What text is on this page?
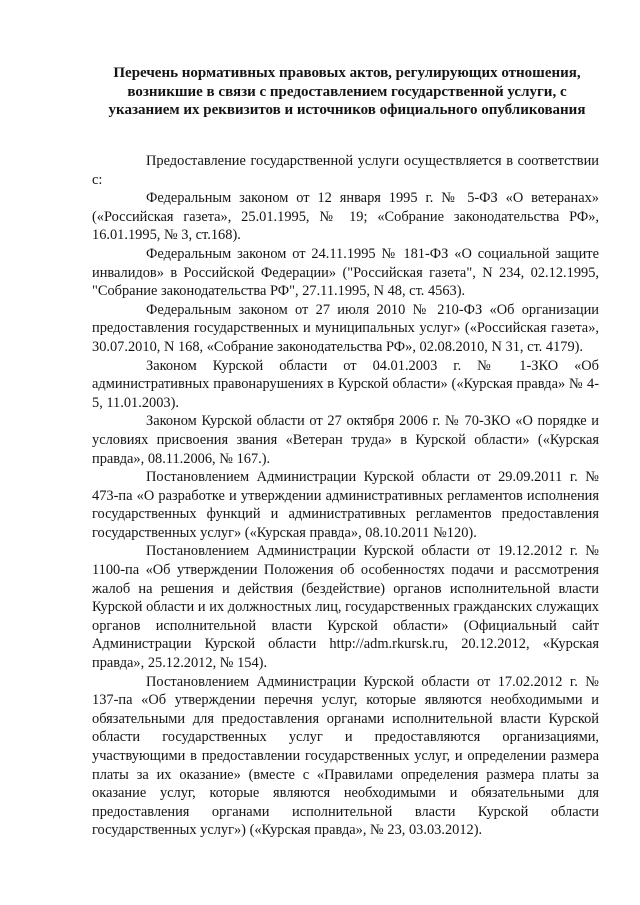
Перечень нормативных правовых актов, регулирующих отношения, возникшие в связи с предоставлением государственной услуги, с указанием их реквизитов и источников официального опубликования

Предоставление государственной услуги осуществляется в соответствии с:

Федеральным законом от 12 января 1995 г. № 5-ФЗ «О ветеранах» («Российская газета», 25.01.1995, № 19; «Собрание законодательства РФ», 16.01.1995, № 3, ст.168).

Федеральным законом от 24.11.1995 № 181-ФЗ «О социальной защите инвалидов» в Российской Федерации» ("Российская газета", N 234, 02.12.1995, "Собрание законодательства РФ", 27.11.1995, N 48, ст. 4563).

Федеральным законом от 27 июля 2010 № 210-ФЗ «Об организации предоставления государственных и муниципальных услуг» («Российская газета», 30.07.2010, N 168, «Собрание законодательства РФ», 02.08.2010, N 31, ст. 4179).

Законом Курской области от 04.01.2003 г. № 1-ЗКО «Об административных правонарушениях в Курской области» («Курская правда» № 4-5, 11.01.2003).

Законом Курской области от 27 октября 2006 г. № 70-ЗКО «О порядке и условиях присвоения звания «Ветеран труда» в Курской области» («Курская правда», 08.11.2006, № 167.).

Постановлением Администрации Курской области от 29.09.2011 г. № 473-па «О разработке и утверждении административных регламентов исполнения государственных функций и административных регламентов предоставления государственных услуг» («Курская правда», 08.10.2011 №120).

Постановлением Администрации Курской области от 19.12.2012 г. № 1100-па «Об утверждении Положения об особенностях подачи и рассмотрения жалоб на решения и действия (бездействие) органов исполнительной власти Курской области и их должностных лиц, государственных гражданских служащих органов исполнительной власти Курской области» (Официальный сайт Администрации Курской области http://adm.rkursk.ru, 20.12.2012, «Курская правда», 25.12.2012, № 154).

Постановлением Администрации Курской области от 17.02.2012 г. № 137-па «Об утверждении перечня услуг, которые являются необходимыми и обязательными для предоставления органами исполнительной власти Курской области государственных услуг и предоставляются организациями, участвующими в предоставлении государственных услуг, и определении размера платы за их оказание» (вместе с «Правилами определения размера платы за оказание услуг, которые являются необходимыми и обязательными для предоставления органами исполнительной власти Курской области государственных услуг») («Курская правда», № 23, 03.03.2012).
